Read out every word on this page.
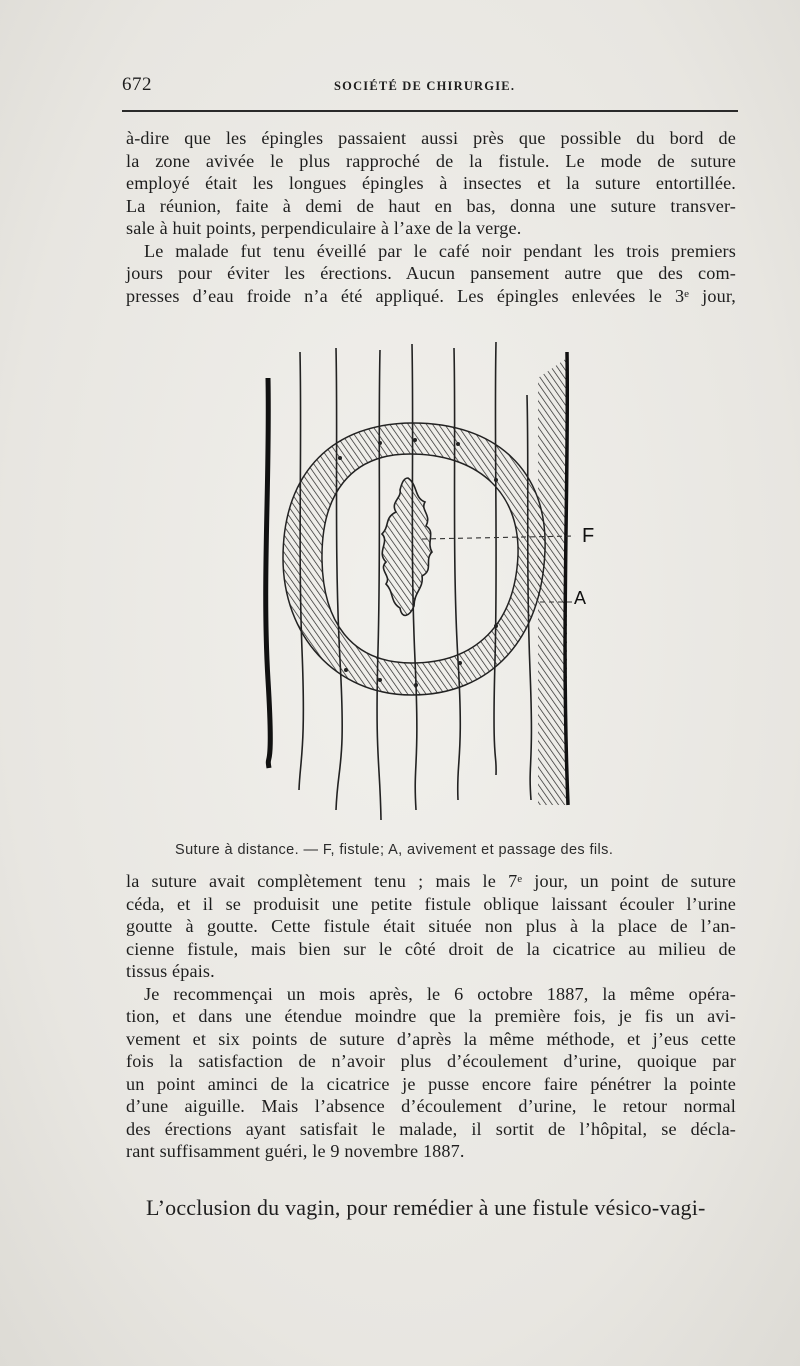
672	SOCIÉTÉ DE CHIRURGIE.
à-dire que les épingles passaient aussi près que possible du bord de
la zone avivée le plus rapproché de la fistule. Le mode de suture
employé était les longues épingles à insectes et la suture entortillée.
La réunion, faite à demi de haut en bas, donna une suture transver-
sale à huit points, perpendiculaire à l’axe de la verge.
Le malade fut tenu éveillé par le café noir pendant les trois premiers
jours pour éviter les érections. Aucun pansement autre que des com-
presses d’eau froide n’a été appliqué. Les épingles enlevées le 3ᵉ jour,
F
A
Suture à distance. — F, fistule; A, avivement et passage des fils.
la suture avait complètement tenu ; mais le 7ᵉ jour, un point de suture
céda, et il se produisit une petite fistule oblique laissant écouler l’urine
goutte à goutte. Cette fistule était située non plus à la place de l’an-
cienne fistule, mais bien sur le côté droit de la cicatrice au milieu de
tissus épais.
Je recommençai un mois après, le 6 octobre 1887, la même opéra-
tion, et dans une étendue moindre que la première fois, je fis un avi-
vement et six points de suture d’après la même méthode, et j’eus cette
fois la satisfaction de n’avoir plus d’écoulement d’urine, quoique par
un point aminci de la cicatrice je pusse encore faire pénétrer la pointe
d’une aiguille. Mais l’absence d’écoulement d’urine, le retour normal
des érections ayant satisfait le malade, il sortit de l’hôpital, se décla-
rant suffisamment guéri, le 9 novembre 1887.
L’occlusion du vagin, pour remédier à une fistule vésico-vagi-
